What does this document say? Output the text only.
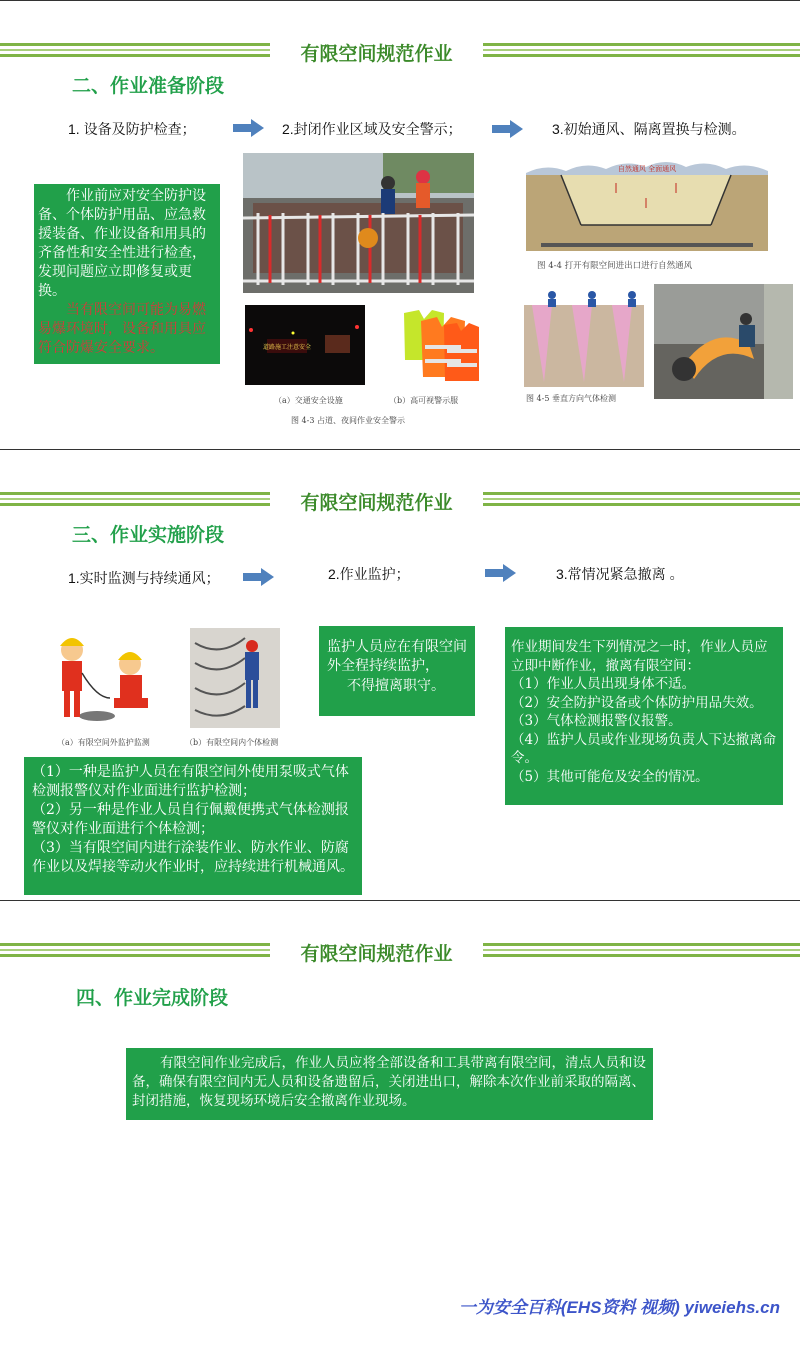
有限空间规范作业
二、作业准备阶段
1. 设备及防护检查；	2.封闭作业区域及安全警示；	3.初始通风、隔离置换与检测。

作业前应对安全防护设备、个体防护用品、应急救援装备、作业设备和用具的齐备性和安全性进行检查，发现问题应立即修复或更换。

当有限空间可能为易燃易爆环境时，设备和用具应符合防爆安全要求。	道路施工注意安全
（a）交通安全设施	（b）高可视警示服
图 4-3 占道、夜间作业安全警示
自然通风 全面通风
图 4-4 打开有限空间进出口进行自然通风
图 4-5 垂直方向气体检测
有限空间规范作业
三、作业实施阶段
1.实时监测与持续通风；	2.作业监护；	3.常情况紧急撤离 。
（a）有限空间外监护监测	（b）有限空间内个体检测

监护人员应在有限空间外全程持续监护，

不得擅离职守。

作业期间发生下列情况之一时，作业人员应立即中断作业，撤离有限空间：

（1）作业人员出现身体不适。

（2）安全防护设备或个体防护用品失效。

（3）气体检测报警仪报警。

（4）监护人员或作业现场负责人下达撤离命令。

（5）其他可能危及安全的情况。

（1）一种是监护人员在有限空间外使用泵吸式气体检测报警仪对作业面进行监护检测；

（2）另一种是作业人员自行佩戴便携式气体检测报警仪对作业面进行个体检测；

（3）当有限空间内进行涂装作业、防水作业、防腐作业以及焊接等动火作业时，应持续进行机械通风。

有限空间规范作业
四、作业完成阶段

有限空间作业完成后，作业人员应将全部设备和工具带离有限空间，清点人员和设备，确保有限空间内无人员和设备遗留后，关闭进出口，解除本次作业前采取的隔离、封闭措施，恢复现场环境后安全撤离作业现场。

一为安全百科(EHS资料 视频) yiweiehs.cn
